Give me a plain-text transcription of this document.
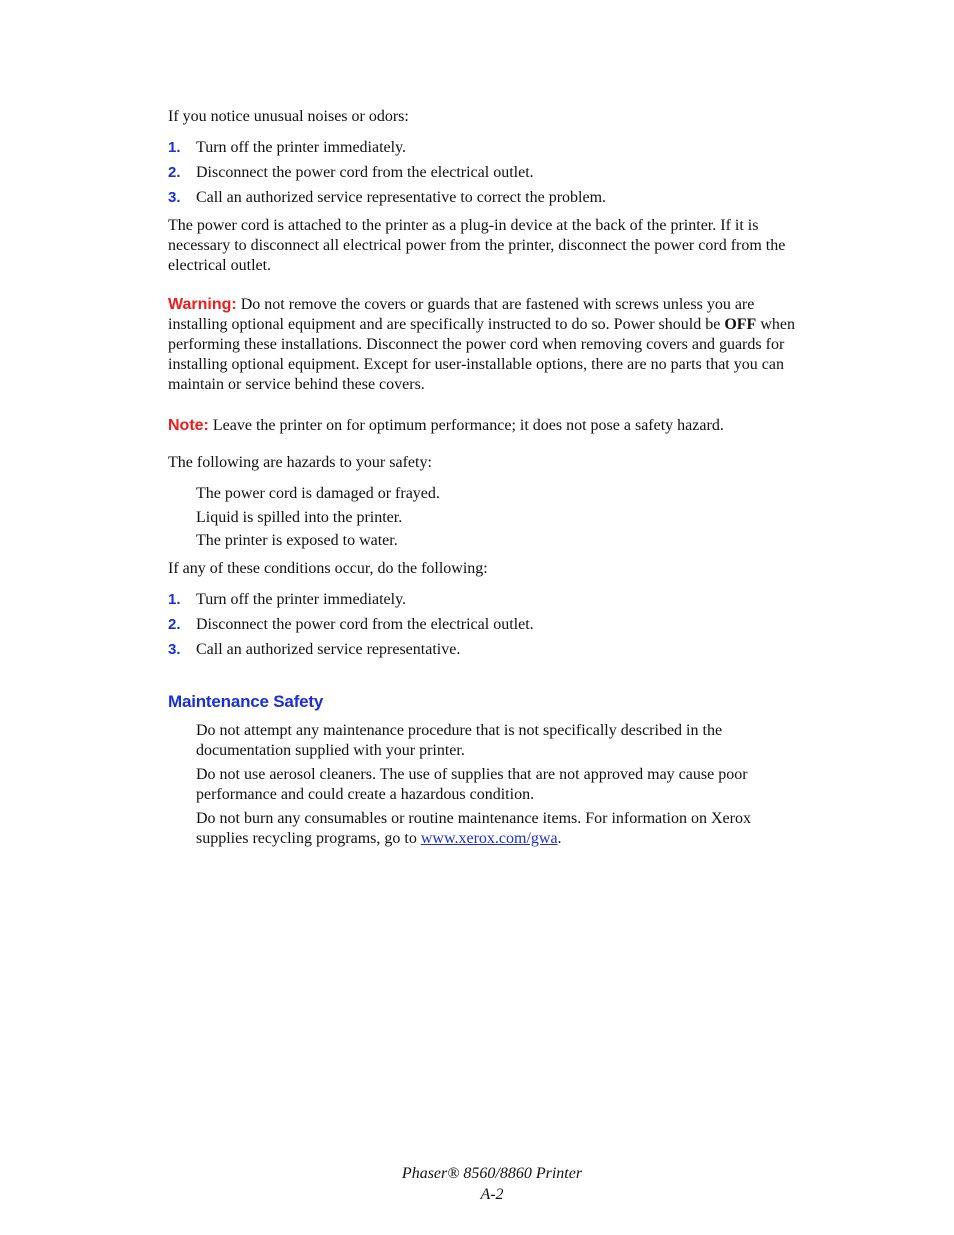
If you notice unusual noises or odors:

1. Turn off the printer immediately.
2. Disconnect the power cord from the electrical outlet.
3. Call an authorized service representative to correct the problem.

The power cord is attached to the printer as a plug-in device at the back of the printer. If it is necessary to disconnect all electrical power from the printer, disconnect the power cord from the electrical outlet.

Warning: Do not remove the covers or guards that are fastened with screws unless you are installing optional equipment and are specifically instructed to do so. Power should be OFF when performing these installations. Disconnect the power cord when removing covers and guards for installing optional equipment. Except for user-installable options, there are no parts that you can maintain or service behind these covers.

Note: Leave the printer on for optimum performance; it does not pose a safety hazard.

The following are hazards to your safety:

The power cord is damaged or frayed.
Liquid is spilled into the printer.
The printer is exposed to water.

If any of these conditions occur, do the following:

1. Turn off the printer immediately.
2. Disconnect the power cord from the electrical outlet.
3. Call an authorized service representative.
Maintenance Safety
Do not attempt any maintenance procedure that is not specifically described in the documentation supplied with your printer.
Do not use aerosol cleaners. The use of supplies that are not approved may cause poor performance and could create a hazardous condition.
Do not burn any consumables or routine maintenance items. For information on Xerox supplies recycling programs, go to www.xerox.com/gwa.
Phaser® 8560/8860 Printer
A-2
